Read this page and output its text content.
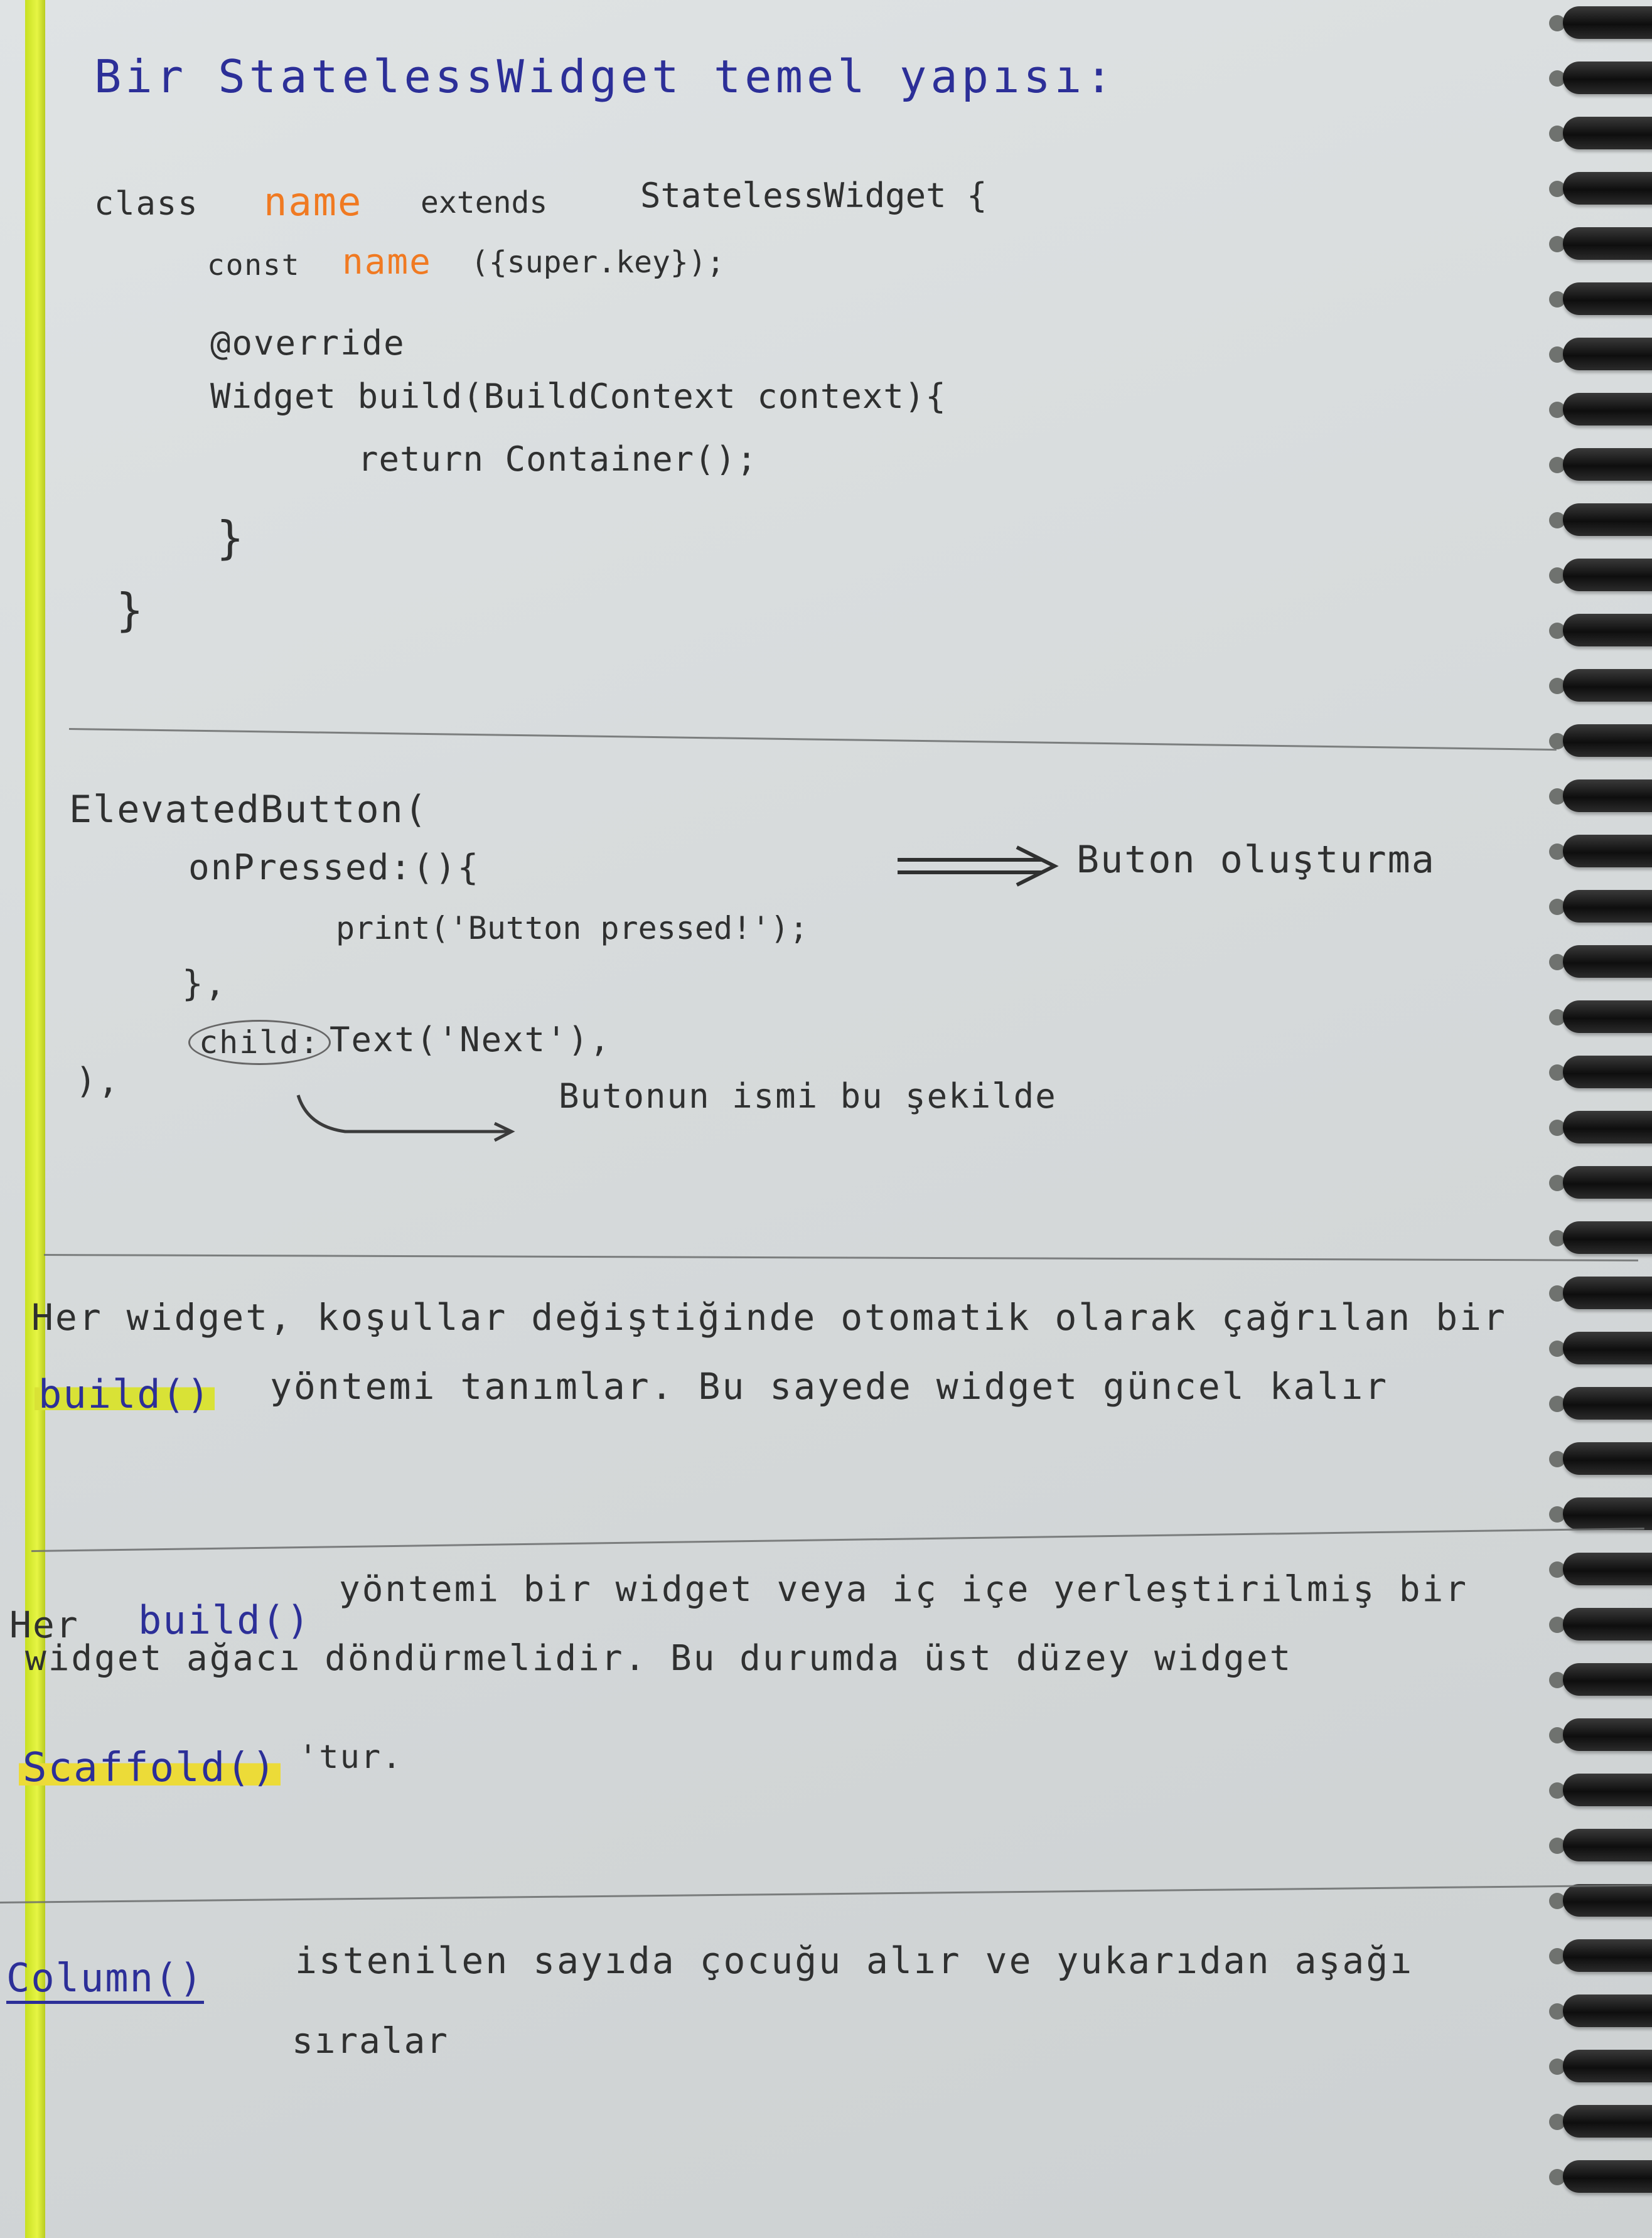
Bir StatelessWidget temel yapısı:
class name extends	StatelessWidget {
const name ({super.key});
@override
Widget build(BuildContext context){
return Container();
}
}
ElevatedButton(
onPressed:(){
print('Button pressed!');
},
child: Text('Next'),
),
Buton oluşturma
Butonun ismi bu şekilde
Her widget, koşullar değiştiğinde otomatik olarak çağrılan bir
build() yöntemi tanımlar. Bu sayede widget güncel kalır
Her build()
yöntemi bir widget veya iç içe yerleştirilmiş bir
widget ağacı döndürmelidir. Bu durumda üst düzey widget
Scaffold() 'tur.
Column()	istenilen sayıda çocuğu alır ve yukarıdan aşağı
sıralar
